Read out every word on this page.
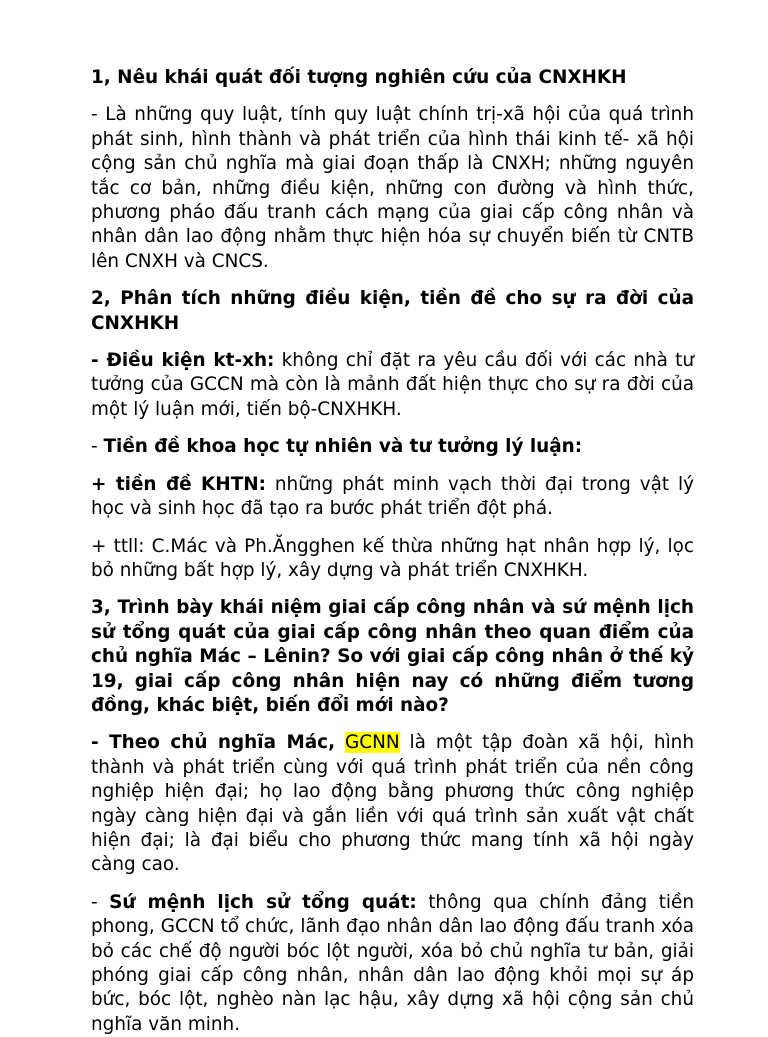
1, Nêu khái quát đối tượng nghiên cứu của CNXHKH

- Là những quy luật, tính quy luật chính trị-xã hội của quá trình phát sinh, hình thành và phát triển của hình thái kinh tế- xã hội cộng sản chủ nghĩa mà giai đoạn thấp là CNXH; những nguyên tắc cơ bản, những điều kiện, những con đường và hình thức, phương pháo đấu tranh cách mạng của giai cấp công nhân và nhân dân lao động nhằm thực hiện hóa sự chuyển biến từ CNTB lên CNXH và CNCS.

2, Phân tích những điều kiện, tiền đề cho sự ra đời của CNXHKH

- Điều kiện kt-xh: không chỉ đặt ra yêu cầu đối với các nhà tư tưởng của GCCN mà còn là mảnh đất hiện thực cho sự ra đời của một lý luận mới, tiến bộ-CNXHKH.

- Tiền đề khoa học tự nhiên và tư tưởng lý luận:

+ tiền đề KHTN: những phát minh vạch thời đại trong vật lý học và sinh học đã tạo ra bước phát triển đột phá.

+ ttll: C.Mác và Ph.Ăngghen kế thừa những hạt nhân hợp lý, lọc bỏ những bất hợp lý, xây dựng và phát triển CNXHKH.

3, Trình bày khái niệm giai cấp công nhân và sứ mệnh lịch sử tổng quát của giai cấp công nhân theo quan điểm của chủ nghĩa Mác – Lênin? So với giai cấp công nhân ở thế kỷ 19, giai cấp công nhân hiện nay có những điểm tương đồng, khác biệt, biến đổi mới nào?

- Theo chủ nghĩa Mác, GCNN là một tập đoàn xã hội, hình thành và phát triển cùng với quá trình phát triển của nền công nghiệp hiện đại; họ lao động bằng phương thức công nghiệp ngày càng hiện đại và gắn liền với quá trình sản xuất vật chất hiện đại; là đại biểu cho phương thức mang tính xã hội ngày càng cao.

- Sứ mệnh lịch sử tổng quát: thông qua chính đảng tiền phong, GCCN tổ chức, lãnh đạo nhân dân lao động đấu tranh xóa bỏ các chế độ người bóc lột người, xóa bỏ chủ nghĩa tư bản, giải phóng giai cấp công nhân, nhân dân lao động khỏi mọi sự áp bức, bóc lột, nghèo nàn lạc hậu, xây dựng xã hội cộng sản chủ nghĩa văn minh.
